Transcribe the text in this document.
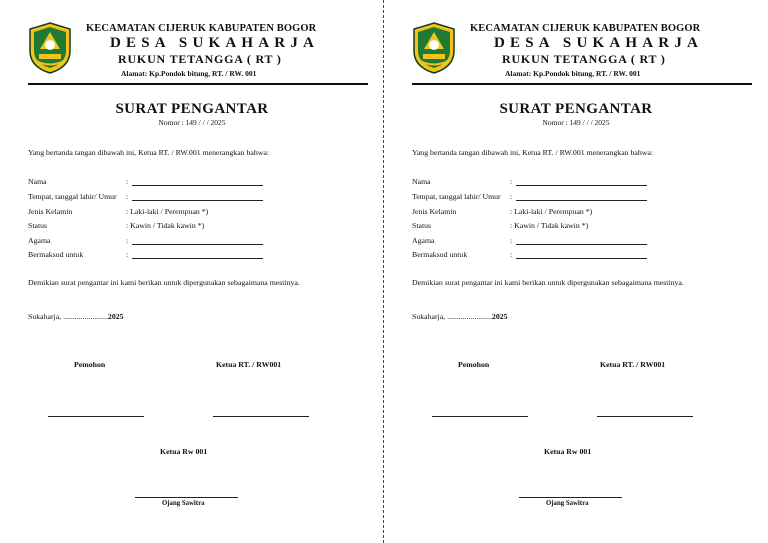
KECAMATAN CIJERUK KABUPATEN BOGOR
DESA SUKAHARJA
RUKUN TETANGGA ( RT )
Alamat: Kp.Pondok bitung, RT. / RW. 001
SURAT PENGANTAR
Nomor : 149 / / / 2025
Yang bertanda tangan dibawah ini, Ketua RT. / RW.001 menerangkan bahwa:
Nama	:
Tempat, tanggal lahir/ Umur :
Jenis Kelamin	: Laki-laki / Perempuan *)
Status	: Kawin / Tidak kawin *)
Agama	:
Bermaksud untuk	:
Demikian surat pengantar ini kami berikan untuk dipergunakan sebagaimana mestinya.
Sukaharja, .......................2025
Pemohon	Ketua RT. / RW001
Ketua Rw 001
Ojang Sawitra
KECAMATAN CIJERUK KABUPATEN BOGOR
DESA SUKAHARJA
RUKUN TETANGGA ( RT )
Alamat: Kp.Pondok bitung, RT. / RW. 001
SURAT PENGANTAR
Nomor : 149 / / / 2025
Yang bertanda tangan dibawah ini, Ketua RT. / RW.001 menerangkan bahwa:
Nama	:
Tempat, tanggal lahir/ Umur :
Jenis Kelamin	: Laki-laki / Perempuan *)
Status	: Kawin / Tidak kawin *)
Agama	:
Bermaksud untuk	:
Demikian surat pengantar ini kami berikan untuk dipergunakan sebagaimana mestinya.
Sukaharja, .......................2025
Pemohon	Ketua RT. / RW001
Ketua Rw 001
Ojang Sawitra
